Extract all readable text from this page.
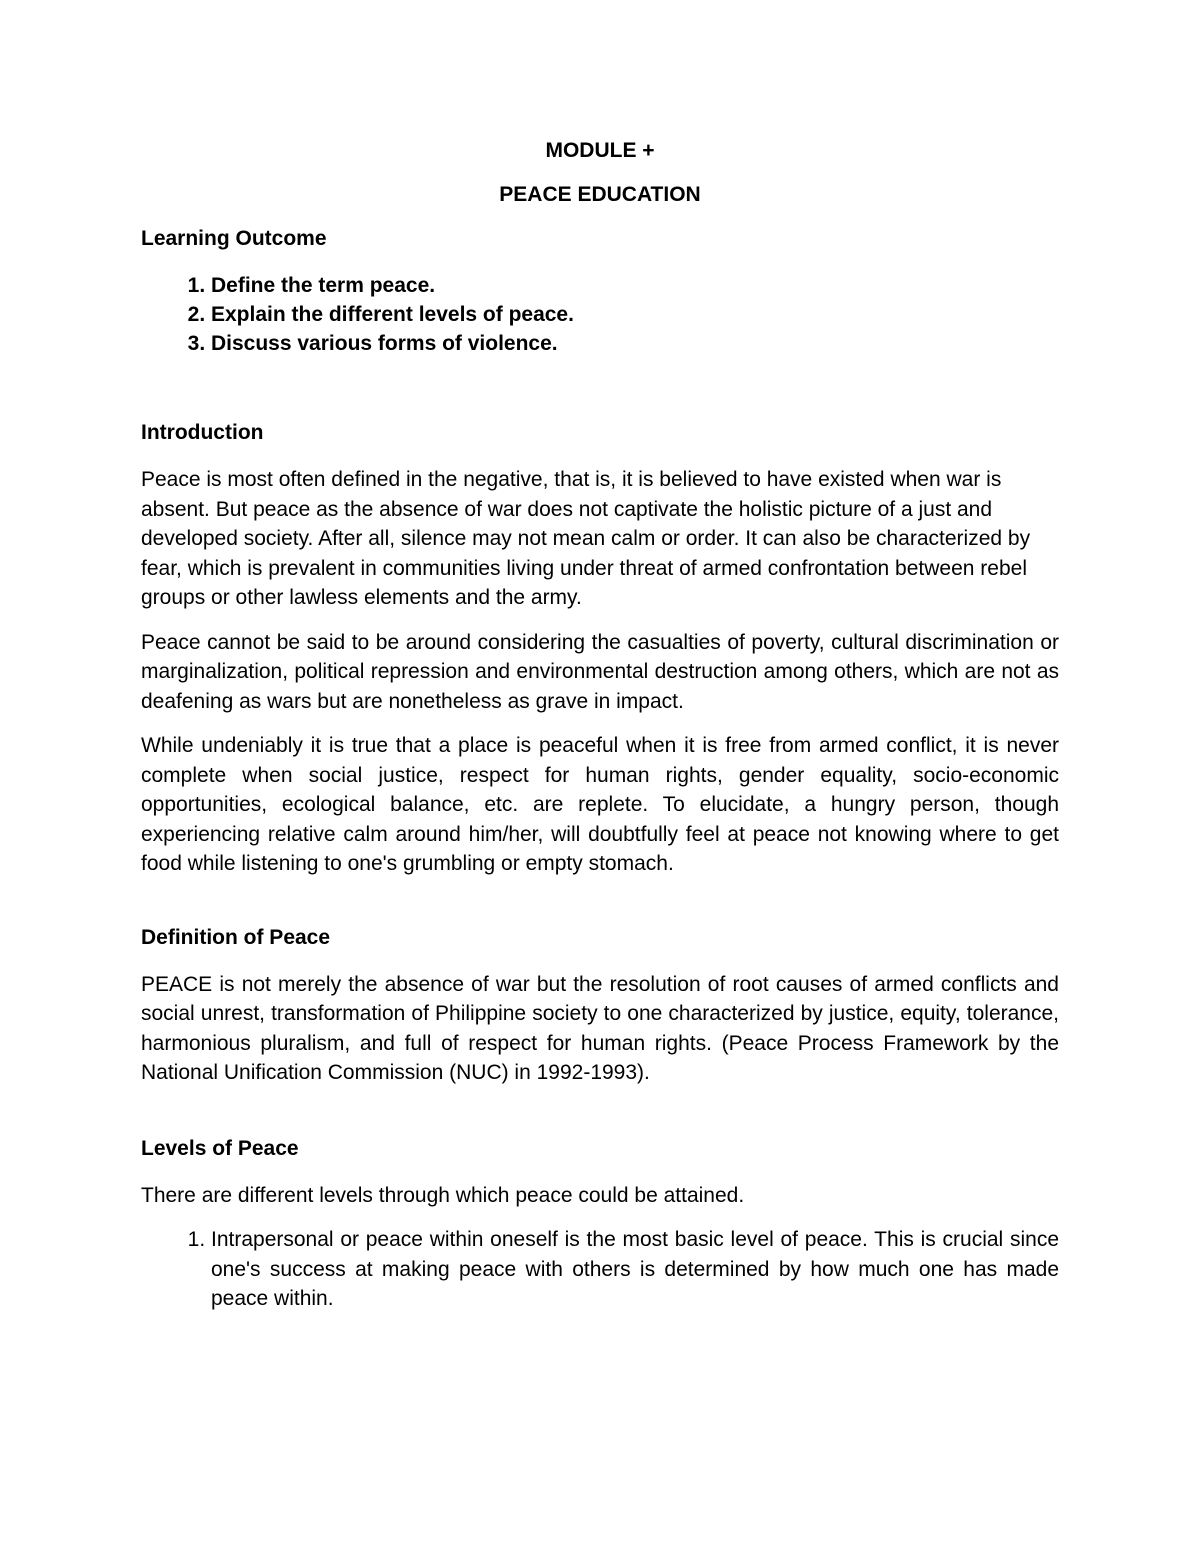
MODULE +

PEACE EDUCATION

Learning Outcome
1. Define the term peace.
2. Explain the different levels of peace.
3. Discuss various forms of violence.
Introduction

Peace is most often defined in the negative, that is, it is believed to have existed when war is absent. But peace as the absence of war does not captivate the holistic picture of a just and developed society. After all, silence may not mean calm or order. It can also be characterized by fear, which is prevalent in communities living under threat of armed confrontation between rebel groups or other lawless elements and the army.

Peace cannot be said to be around considering the casualties of poverty, cultural discrimination or marginalization, political repression and environmental destruction among others, which are not as deafening as wars but are nonetheless as grave in impact.

While undeniably it is true that a place is peaceful when it is free from armed conflict, it is never complete when social justice, respect for human rights, gender equality, socio-economic opportunities, ecological balance, etc. are replete. To elucidate, a hungry person, though experiencing relative calm around him/her, will doubtfully feel at peace not knowing where to get food while listening to one's grumbling or empty stomach.

Definition of Peace

PEACE is not merely the absence of war but the resolution of root causes of armed conflicts and social unrest, transformation of Philippine society to one characterized by justice, equity, tolerance, harmonious pluralism, and full of respect for human rights. (Peace Process Framework by the National Unification Commission (NUC) in 1992-1993).

Levels of Peace

There are different levels through which peace could be attained.

1. Intrapersonal or peace within oneself is the most basic level of peace. This is crucial since one's success at making peace with others is determined by how much one has made peace within.
